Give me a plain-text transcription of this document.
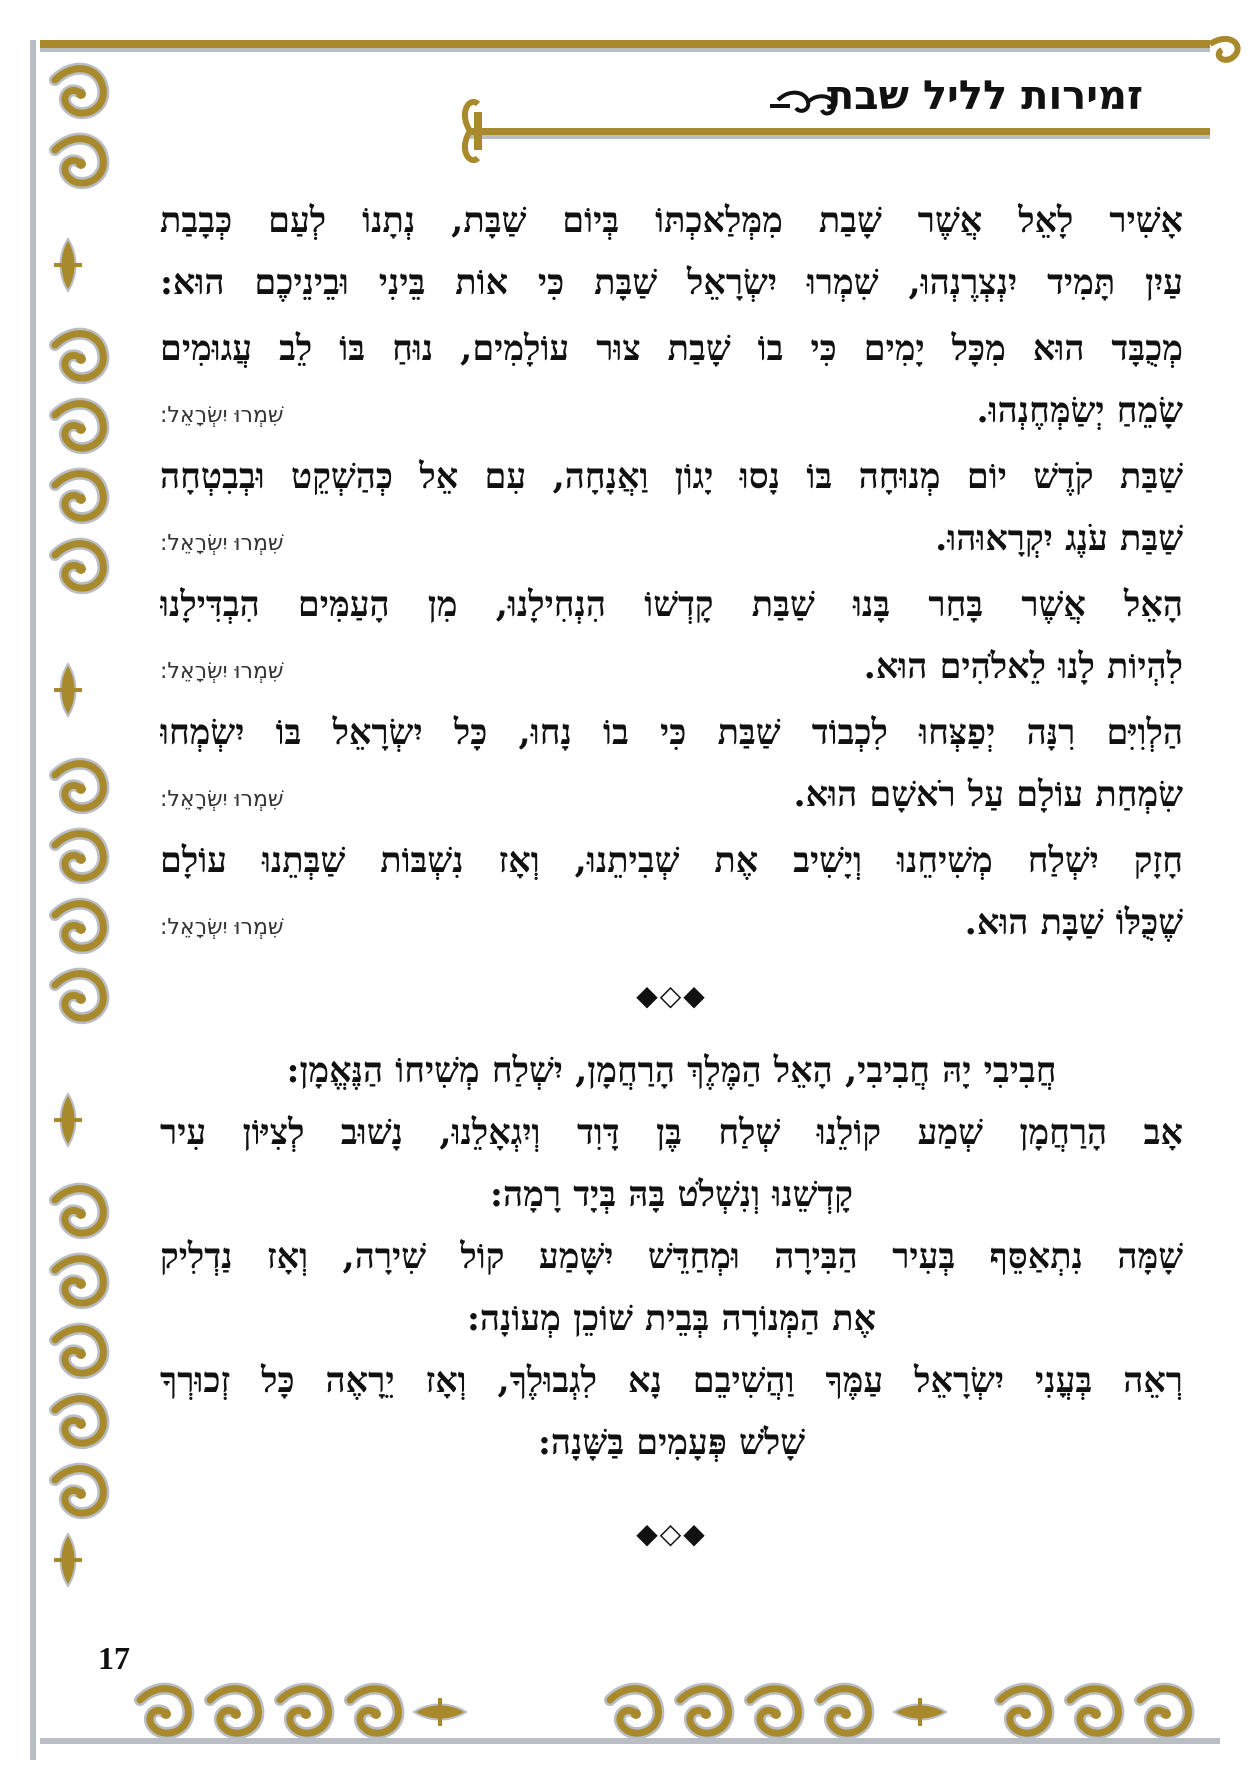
זמירות לליל שבת
אָשִׁיר לָאֵל אֲשֶׁר שָׁבַת מִמְּלַאכְתּוֹ בְּיוֹם שַׁבָּת, נְתָנוֹ לְעַם כְּבָבַת
עַיִן תָּמִיד יִנְצְרֶנְהוּ, שִׁמְרוּ יִשְׂרָאֵל שַׁבָּת כִּי אוֹת בֵּינִי וּבֵינֵיכֶם הוּא:
מְכֻבָּד הוּא מִכָּל יָמִים כִּי בוֹ שָׁבַת צוּר עוֹלָמִים, נוּחַ בּוֹ לֵב עֲגוּמִים
שָׂמֵחַ יְשַׂמְּחֶנְהוּ.
שִׁמְרוּ יִשְׂרָאֵל:
שַׁבַּת קֹדֶשׁ יוֹם מְנוּחָה בּוֹ נָסוּ יָגוֹן וַאֲנָחָה, עִם אֵל כְּהַשְׁקֵט וּבְבִטְחָה
שַׁבַּת עֹנֶג יִקְרָאוּהוּ.
שִׁמְרוּ יִשְׂרָאֵל:
הָאֵל אֲשֶׁר בָּחַר בָּנוּ שַׁבַּת קָדְשׁוֹ הִנְחִילָנוּ, מִן הָעַמִּים הִבְדִּילָנוּ
לִהְיוֹת לָנוּ לֵאלֹהִים הוּא.
שִׁמְרוּ יִשְׂרָאֵל:
הַלְוִיִּם רִנָּה יְפַצְּחוּ לִכְבוֹד שַׁבַּת כִּי בוֹ נָחוּ, כָּל יִשְׂרָאֵל בּוֹ יִשְׂמְחוּ
שִׂמְחַת עוֹלָם עַל רֹאשָׁם הוּא.
שִׁמְרוּ יִשְׂרָאֵל:
חָזָק יִשְׁלַח מְשִׁיחֵנוּ וְיָשִׁיב אֶת שְׁבִיתֵנוּ, וְאָז נִשְׁבּוֹת שַׁבְּתֵנוּ עוֹלָם
שֶׁכֻּלּוֹ שַׁבָּת הוּא.
שִׁמְרוּ יִשְׂרָאֵל:
◆◇◆
חֲבִיבִי יָהּ חֲבִיבִי, הָאֵל הַמֶּלֶךְ הָרַחֲמָן, יִשְׁלַח מְשִׁיחוֹ הַנֶּאֱמָן:
אָב הָרַחֲמָן שְׁמַע קוֹלֵנוּ שְׁלַח בֶּן דָּוִד וְיִגְאָלֵנוּ, נָשׁוּב לְצִיּוֹן עִיר
קָדְשֵׁנוּ וְנִשְׁלֹט בָּהּ בְּיָד רָמָה:
שָׁמָּה נִתְאַסֵּף בְּעִיר הַבִּירָה וּמְחַדֵּשׁ יִשָּׁמַע קוֹל שִׁירָה, וְאָז נַדְלִיק
אֶת הַמְּנוֹרָה בְּבֵית שׁוֹכֵן מְעוֹנָה:
רְאֵה בְּעֳנִי יִשְׂרָאֵל עַמֶּךָ וַהֲשִׁיבֵם נָא לִגְבוּלֶךָ, וְאָז יֵרָאֶה כָּל זְכוּרְךָ
שָׁלֹשׁ פְּעָמִים בַּשָּׁנָה:
◆◇◆
17
